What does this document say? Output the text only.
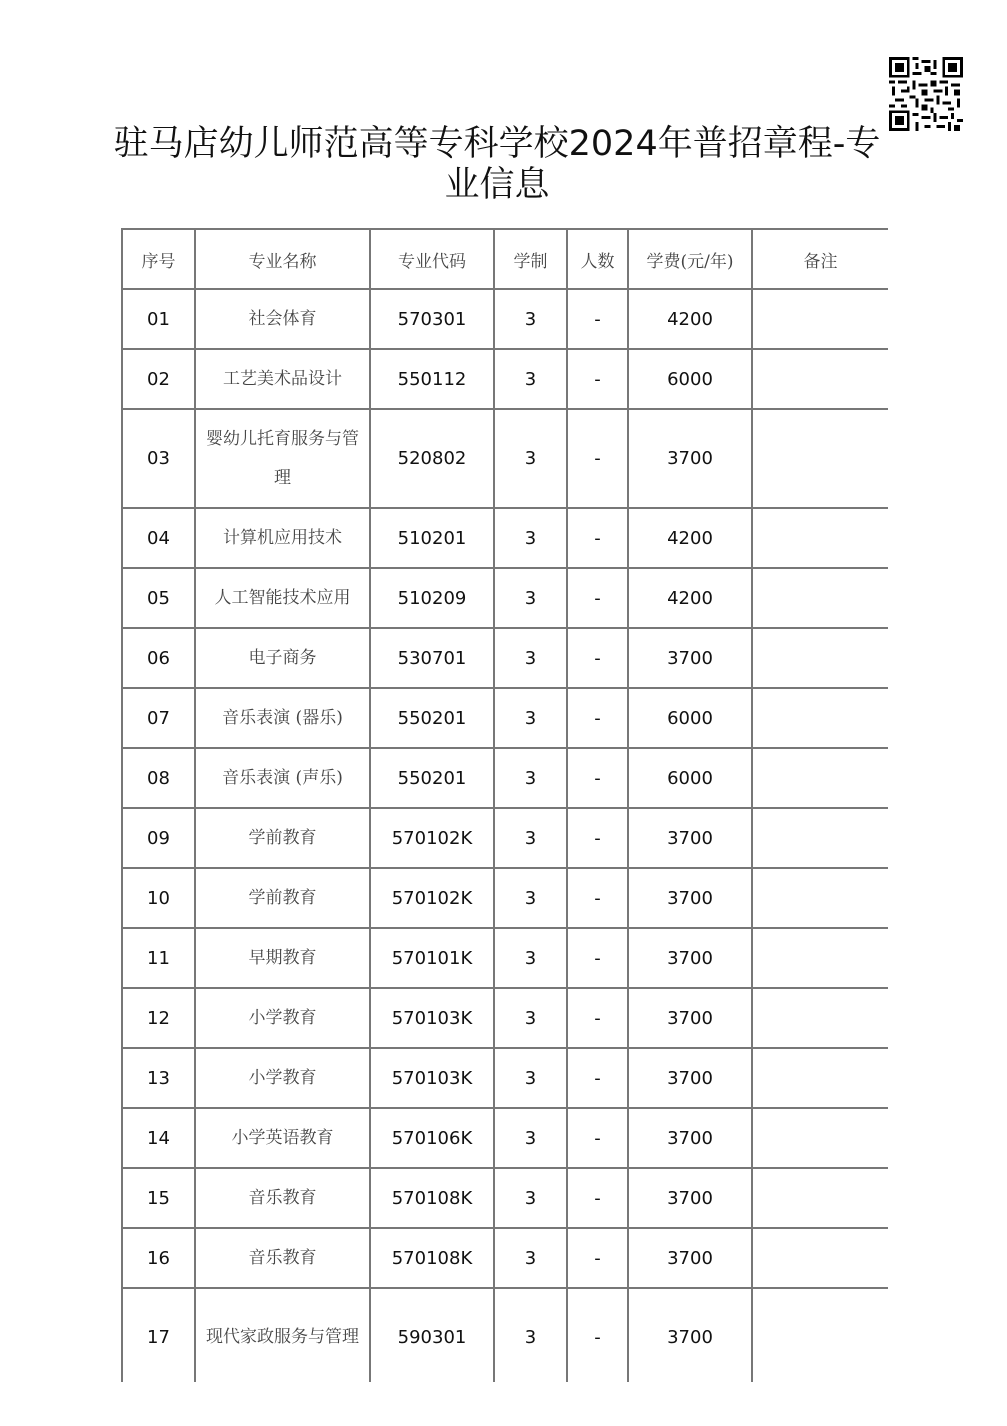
驻马店幼儿师范高等专科学校2024年普招章程-专业信息
序号	专业名称	专业代码	学制	人数	学费(元/年)	备注
01	社会体育	570301	3	-	4200	
02	工艺美术品设计	550112	3	-	6000	
03	婴幼儿托育服务与管理	520802	3	-	3700	
04	计算机应用技术	510201	3	-	4200	
05	人工智能技术应用	510209	3	-	4200	
06	电子商务	530701	3	-	3700	
07	音乐表演 (器乐)	550201	3	-	6000	
08	音乐表演 (声乐)	550201	3	-	6000	
09	学前教育	570102K	3	-	3700	
10	学前教育	570102K	3	-	3700	
11	早期教育	570101K	3	-	3700	
12	小学教育	570103K	3	-	3700	
13	小学教育	570103K	3	-	3700	
14	小学英语教育	570106K	3	-	3700	
15	音乐教育	570108K	3	-	3700	
16	音乐教育	570108K	3	-	3700	
17	现代家政服务与管理	590301	3	-	3700	
